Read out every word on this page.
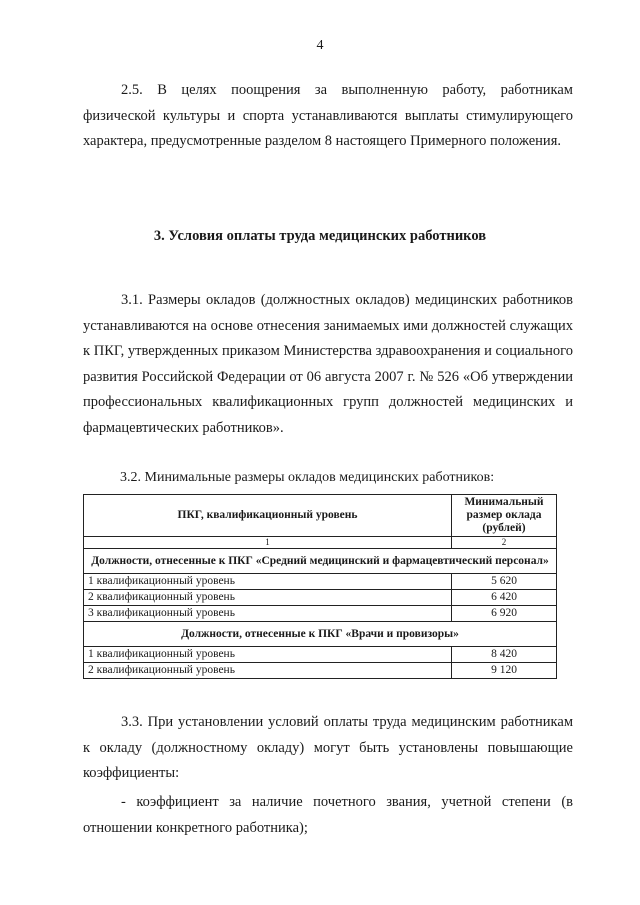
4

2.5. В целях поощрения за выполненную работу, работникам физической культуры и спорта устанавливаются выплаты стимулирующего характера, предусмотренные разделом 8 настоящего Примерного положения.

3. Условия оплаты труда медицинских работников

3.1. Размеры окладов (должностных окладов) медицинских работников устанавливаются на основе отнесения занимаемых ими должностей служащих к ПКГ, утвержденных приказом Министерства здравоохранения и социального развития Российской Федерации от 06 августа 2007 г. № 526 «Об утверждении профессиональных квалификационных групп должностей медицинских и фармацевтических работников».

3.2. Минимальные размеры окладов медицинских работников:
ПКГ, квалификационный уровень	Минимальный размер оклада (рублей)
1	2
Должности, отнесенные к ПКГ «Средний медицинский и фармацевтический персонал»	
1 квалификационный уровень	5 620
2 квалификационный уровень	6 420
3 квалификационный уровень	6 920
Должности, отнесенные к ПКГ «Врачи и провизоры»	
1 квалификационный уровень	8 420
2 квалификационный уровень	9 120

3.3. При установлении условий оплаты труда медицинским работникам к окладу (должностному окладу) могут быть установлены повышающие коэффициенты:

- коэффициент за наличие почетного звания, учетной степени (в отношении конкретного работника);
